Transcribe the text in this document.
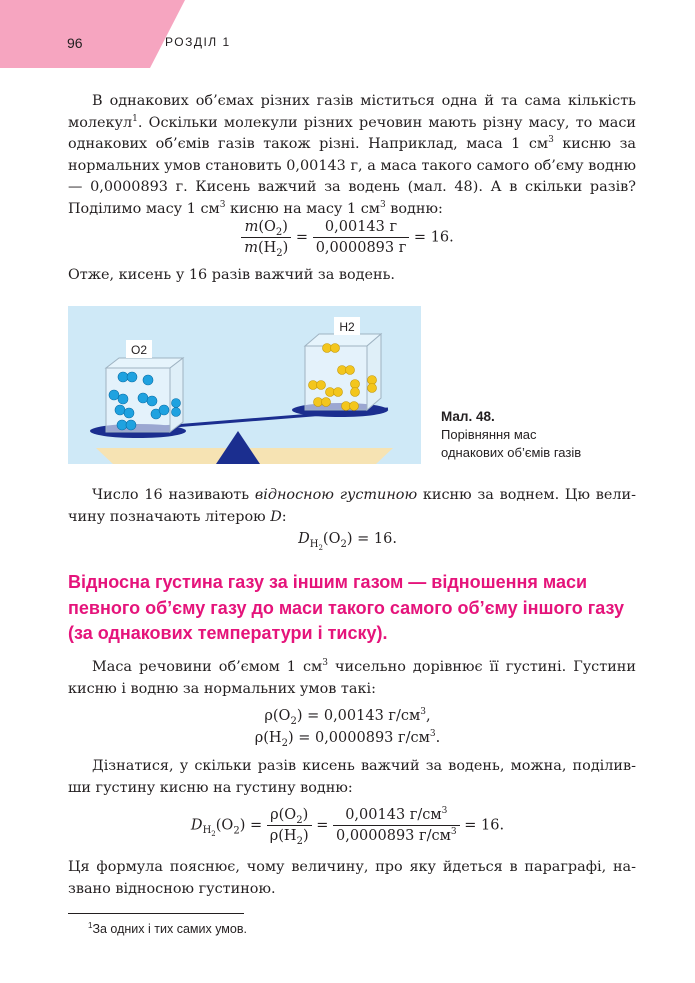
96	РОЗДІЛ 1

В однакових об’ємах різних газів міститься одна й та сама кількість молекул$^1$. Оскільки молекули різних речовин мають різну масу, то маси однакових об’ємів газів також різні. Наприклад, маса 1 $см^3$ кисню за нормальних умов становить 0,00143 г, а маса такого самого об’єму водню — 0,0000893 г. Кисень важчий за водень (мал. 48). А в скільки разів? Поділимо масу 1 $см^3$ кисню на масу 1 $см^3$ водню:

$\frac{m(O_2)}{m(H_2)} = \frac{0,00143 г}{0,0000893 г} = 16$.

Отже, кисень у 16 разів важчий за водень.

O2
H2
Мал. 48.
Порівняння мас
однакових об’ємів газів

Число 16 називають відносною густиною кисню за воднем. Цю величину позначають літерою D:

$D_{H_2}(O_2) = 16$.

Відносна густина газу за іншим газом — відношення маси певного об’єму газу до маси такого самого об’єму іншого газу (за однакових температури і тиску).

Маса речовини об’ємом 1 $см^3$ чисельно дорівнює її густині. Густини кисню і водню за нормальних умов такі:

$\rho(O_2) = 0,00143$ $г/см^3$,
$\rho(H_2) = 0,0000893$ $г/см^3$.

Дізнатися, у скільки разів кисень важчий за водень, можна, поділивши густину кисню на густину водню:

$D_{H_2}(O_2) = \frac{\rho(O_2)}{\rho(H_2)} = \frac{0,00143 г/см^3}{0,0000893 г/см^3} = 16$.

Ця формула пояснює, чому величину, про яку йдеться в параграфі, названо відносною густиною.

$^1$За одних і тих самих умов.
